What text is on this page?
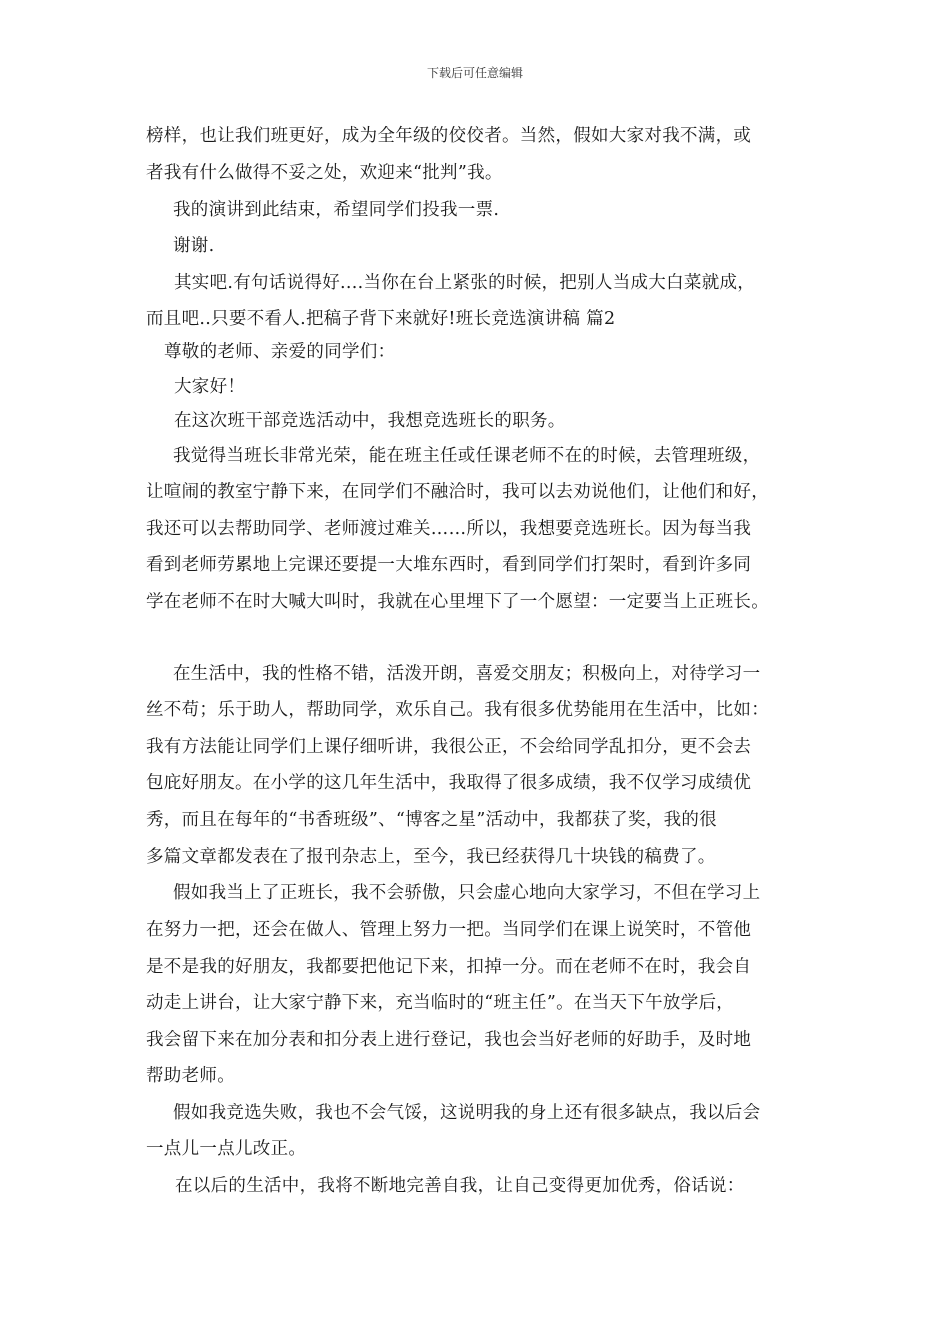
下载后可任意编辑
榜样，也让我们班更好，成为全年级的佼佼者。当然，假如大家对我不满，或
者我有什么做得不妥之处，欢迎来“批判”我。
我的演讲到此结束，希望同学们投我一票.
谢谢.
其实吧.有句话说得好....当你在台上紧张的时候，把别人当成大白菜就成，
而且吧..只要不看人.把稿子背下来就好!班长竞选演讲稿 篇2
尊敬的老师、亲爱的同学们：
大家好！
在这次班干部竞选活动中，我想竞选班长的职务。
我觉得当班长非常光荣，能在班主任或任课老师不在的时候，去管理班级，
让喧闹的教室宁静下来，在同学们不融洽时，我可以去劝说他们，让他们和好，
我还可以去帮助同学、老师渡过难关……所以，我想要竞选班长。因为每当我
看到老师劳累地上完课还要提一大堆东西时，看到同学们打架时，看到许多同
学在老师不在时大喊大叫时，我就在心里埋下了一个愿望：一定要当上正班长。
在生活中，我的性格不错，活泼开朗，喜爱交朋友；积极向上，对待学习一
丝不苟；乐于助人，帮助同学，欢乐自己。我有很多优势能用在生活中，比如：
我有方法能让同学们上课仔细听讲，我很公正，不会给同学乱扣分，更不会去
包庇好朋友。在小学的这几年生活中，我取得了很多成绩，我不仅学习成绩优
秀，而且在每年的“书香班级”、“博客之星”活动中，我都获了奖，我的很
多篇文章都发表在了报刊杂志上，至今，我已经获得几十块钱的稿费了。
假如我当上了正班长，我不会骄傲，只会虚心地向大家学习，不但在学习上
在努力一把，还会在做人、管理上努力一把。当同学们在课上说笑时，不管他
是不是我的好朋友，我都要把他记下来，扣掉一分。而在老师不在时，我会自
动走上讲台，让大家宁静下来，充当临时的“班主任”。在当天下午放学后，
我会留下来在加分表和扣分表上进行登记，我也会当好老师的好助手，及时地
帮助老师。
假如我竞选失败，我也不会气馁，这说明我的身上还有很多缺点，我以后会
一点儿一点儿改正。
在以后的生活中，我将不断地完善自我，让自己变得更加优秀，俗话说：
